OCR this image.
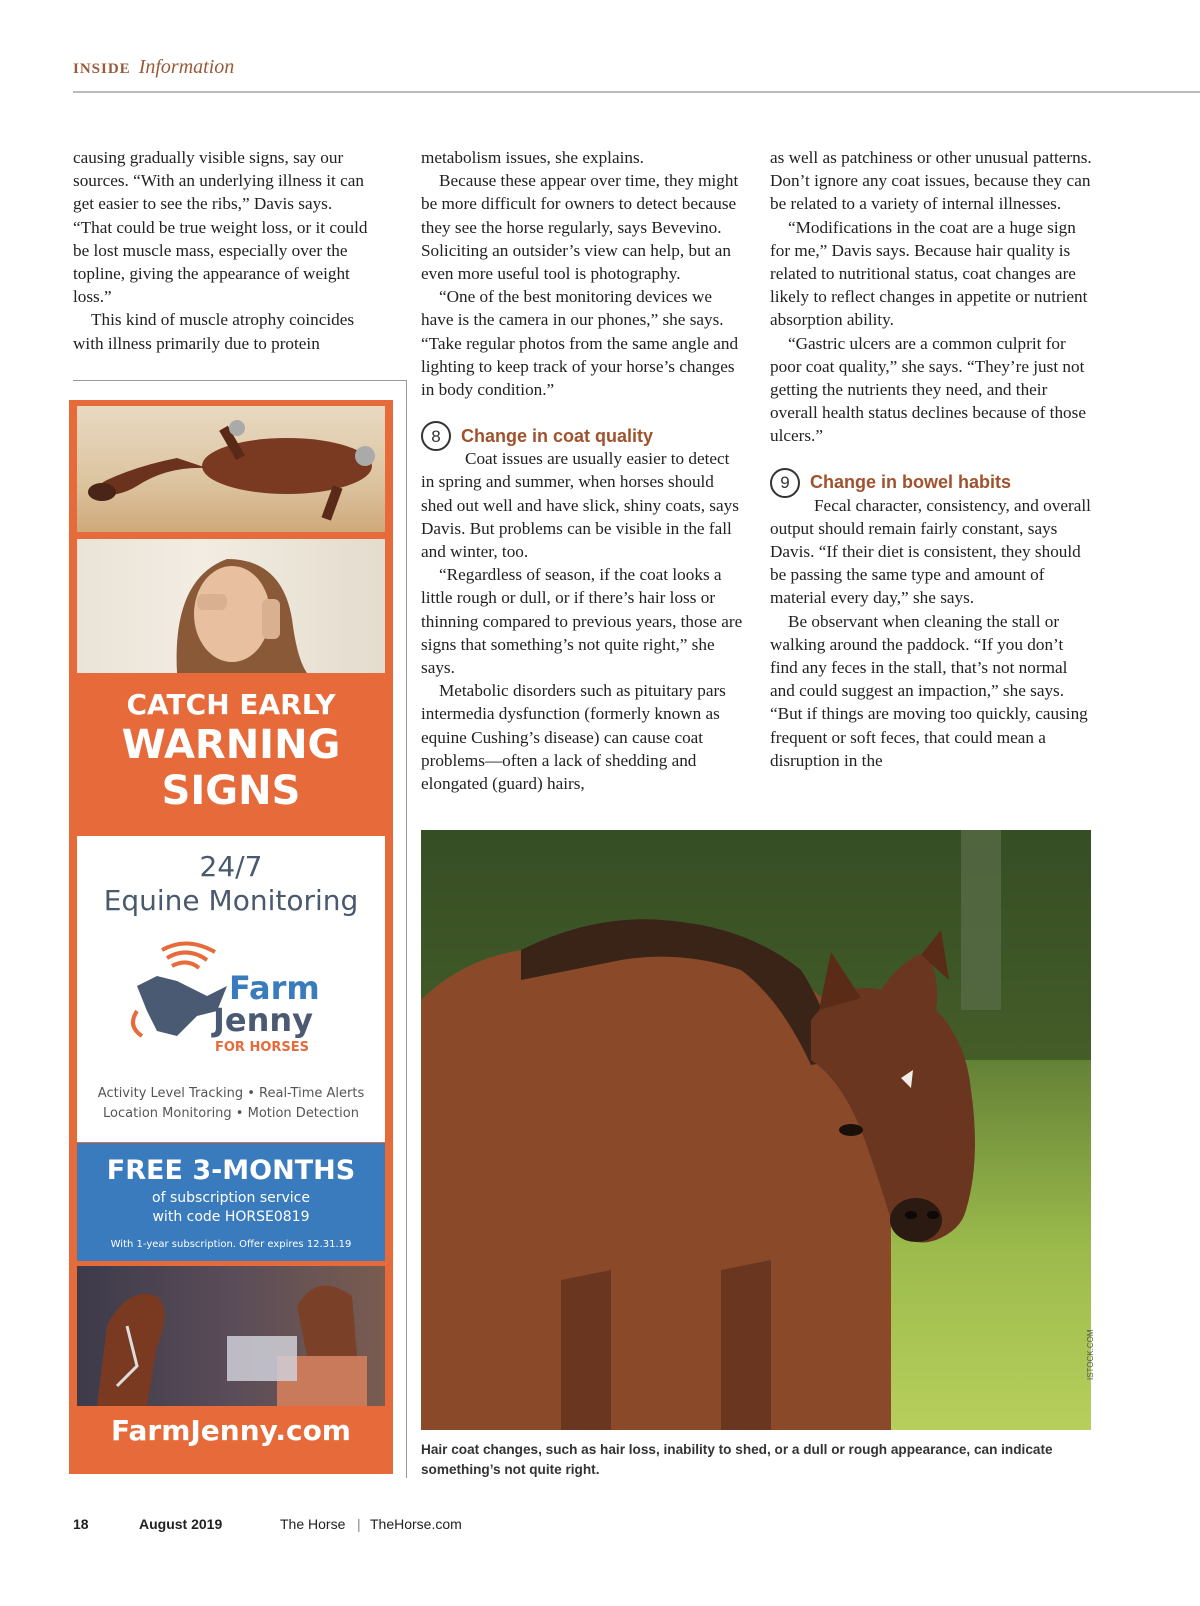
INSIDE Information

causing gradually visible signs, say our sources. “With an underlying illness it can get easier to see the ribs,” Davis says. “That could be true weight loss, or it could be lost muscle mass, especially over the topline, giving the appearance of weight loss.”

This kind of muscle atrophy coincides with illness primarily due to protein

metabolism issues, she explains.

Because these appear over time, they might be more difficult for owners to detect because they see the horse regularly, says Bevevino. Soliciting an outsider’s view can help, but an even more useful tool is photography.

“One of the best monitoring devices we have is the camera in our phones,” she says. “Take regular photos from the same angle and lighting to keep track of your horse’s changes in body condition.”

8	Change in coat quality

Coat issues are usually easier to detect in spring and summer, when horses should shed out well and have slick, shiny coats, says Davis. But problems can be visible in the fall and winter, too.

“Regardless of season, if the coat looks a little rough or dull, or if there’s hair loss or thinning compared to previous years, those are signs that something’s not quite right,” she says.

Metabolic disorders such as pituitary pars intermedia dysfunction (formerly known as equine Cushing’s disease) can cause coat problems—often a lack of shedding and elongated (guard) hairs,

as well as patchiness or other unusual patterns. Don’t ignore any coat issues, because they can be related to a variety of internal illnesses.

“Modifications in the coat are a huge sign for me,” Davis says. Because hair quality is related to nutritional status, coat changes are likely to reflect changes in appetite or nutrient absorption ability.

“Gastric ulcers are a common culprit for poor coat quality,” she says. “They’re just not getting the nutrients they need, and their overall health status declines because of those ulcers.”

9	Change in bowel habits

Fecal character, consistency, and overall output should remain fairly constant, says Davis. “If their diet is consistent, they should be passing the same type and amount of material every day,” she says.

Be observant when cleaning the stall or walking around the paddock. “If you don’t find any feces in the stall, that’s not normal and could suggest an impaction,” she says. “But if things are moving too quickly, causing frequent or soft feces, that could mean a disruption in the

CATCH EARLY
WARNING
SIGNS
24/7
Equine Monitoring
Farm
Jenny
FOR HORSES
Activity Level Tracking • Real-Time Alerts
Location Monitoring • Motion Detection
FREE 3-MONTHS
of subscription service
with code HORSE0819
With 1-year subscription. Offer expires 12.31.19
FarmJenny.com
ISTOCK.COM
Hair coat changes, such as hair loss, inability to shed, or a dull or rough appearance, can indicate something’s not quite right.
18	August 2019	The Horse | TheHorse.com
